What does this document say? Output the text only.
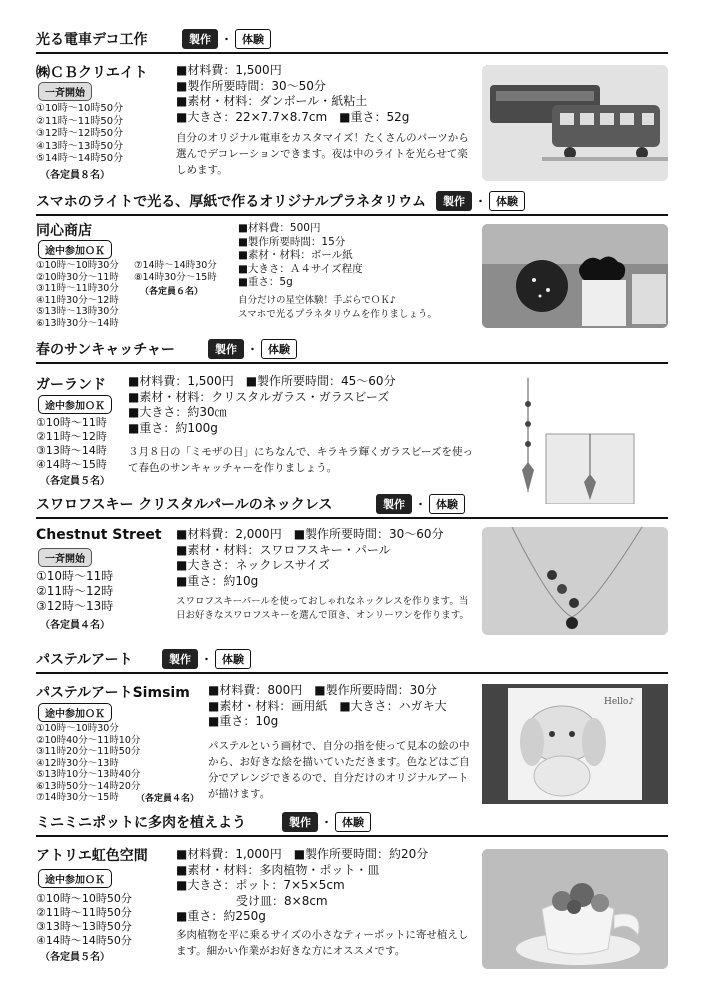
光る電車デコ工作	製作 ・ 体験
㈱ＣＢクリエイト
一斉開始
①10時～10時50分
②11時～11時50分
③12時～12時50分
④13時～13時50分
⑤14時～14時50分
（各定員８名）
■材料費：1,500円
■製作所要時間：30～50分
■素材・材料：ダンボール・紙粘土
■大きさ：22×7.7×8.7cm　■重さ：52g
自分のオリジナル電車をカスタマイズ！たくさんのパーツから選んでデコレーションできます。夜は中のライトを光らせて楽しめます。
スマホのライトで光る、厚紙で作るオリジナルプラネタリウム	製作 ・ 体験
同心商店
途中参加ＯＫ
①10時～10時30分
②10時30分～11時
③11時～11時30分
④11時30分～12時
⑤13時～13時30分
⑥13時30分～14時
⑦14時～14時30分
⑧14時30分～15時
（各定員６名）
■材料費：500円
■製作所要時間：15分
■素材・材料：ボール紙
■大きさ：Ａ４サイズ程度
■重さ：5g
自分だけの星空体験！手ぶらでＯＫ♪
スマホで光るプラネタリウムを作りましょう。
春のサンキャッチャー	製作 ・ 体験
ガーランド
途中参加ＯＫ
①10時～11時
②11時～12時
③13時～14時
④14時～15時
（各定員５名）
■材料費：1,500円　■製作所要時間：45～60分
■素材・材料：クリスタルガラス・ガラスビーズ
■大きさ：約30㎝
■重さ：約100g
３月８日の「ミモザの日」にちなんで、キラキラ輝くガラスビーズを使って春色のサンキャッチャーを作りましょう。
スワロフスキー クリスタルパールのネックレス	製作 ・ 体験
Chestnut Street
一斉開始
①10時～11時
②11時～12時
③12時～13時
（各定員４名）
■材料費：2,000円　■製作所要時間：30～60分
■素材・材料：スワロフスキー・パール
■大きさ：ネックレスサイズ
■重さ：約10g
スワロフスキーパールを使っておしゃれなネックレスを作ります。当日お好きなスワロフスキーを選んで頂き、オンリーワンを作ります。
パステルアート	製作 ・ 体験
パステルアートSimsim
途中参加ＯＫ
①10時～10時30分
②10時40分～11時10分
③11時20分～11時50分
④12時30分～13時
⑤13時10分～13時40分
⑥13時50分～14時20分
⑦14時30分～15時	（各定員４名）
■材料費：800円　■製作所要時間：30分
■素材・材料：画用紙　■大きさ：ハガキ大
■重さ：10g
パステルという画材で、自分の指を使って見本の絵の中から、お好きな絵を描いていただきます。色などはご自分でアレンジできるので、自分だけのオリジナルアートが描けます。
Hello♪
ミニミニポットに多肉を植えよう	製作 ・ 体験
アトリエ虹色空間
途中参加ＯＫ
①10時～10時50分
②11時～11時50分
③13時～13時50分
④14時～14時50分
（各定員５名）
■材料費：1,000円　■製作所要時間：約20分
■素材・材料：多肉植物・ポット・皿
■大きさ：ポット：7×5×5cm
　　　　　受け皿：8×8cm
■重さ：約250g
多肉植物を平に乗るサイズの小さなティーポットに寄せ植えします。細かい作業がお好きな方にオススメです。
